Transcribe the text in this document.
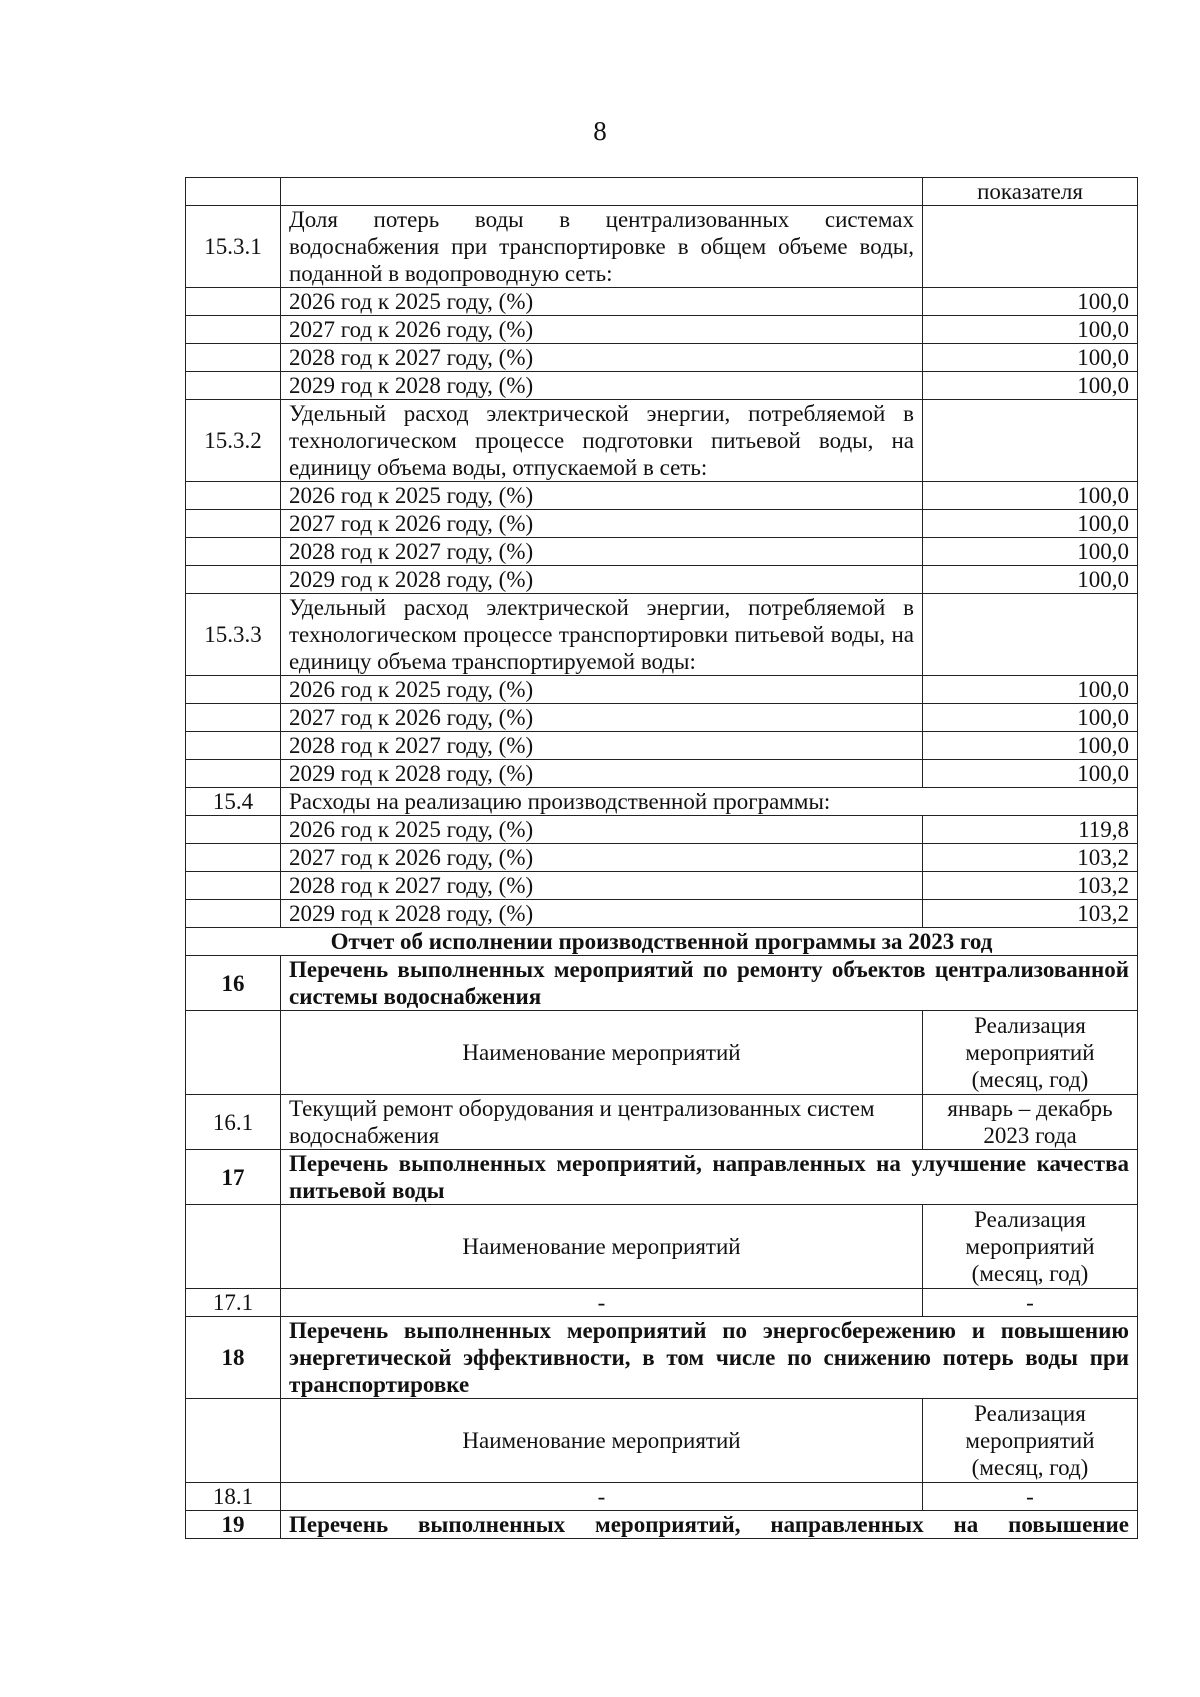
8
		показателя
15.3.1	Доля потерь воды в централизованных системах водоснабжения при транспортировке в общем объеме воды, поданной в водопроводную сеть:	
	2026 год к 2025 году, (%)	100,0
	2027 год к 2026 году, (%)	100,0
	2028 год к 2027 году, (%)	100,0
	2029 год к 2028 году, (%)	100,0
15.3.2	Удельный расход электрической энергии, потребляемой в технологическом процессе подготовки питьевой воды, на единицу объема воды, отпускаемой в сеть:	
	2026 год к 2025 году, (%)	100,0
	2027 год к 2026 году, (%)	100,0
	2028 год к 2027 году, (%)	100,0
	2029 год к 2028 году, (%)	100,0
15.3.3	Удельный расход электрической энергии, потребляемой в технологическом процессе транспортировки питьевой воды, на единицу объема транспортируемой воды:	
	2026 год к 2025 году, (%)	100,0
	2027 год к 2026 году, (%)	100,0
	2028 год к 2027 году, (%)	100,0
	2029 год к 2028 году, (%)	100,0
15.4	Расходы на реализацию производственной программы:	
	2026 год к 2025 году, (%)	119,8
	2027 год к 2026 году, (%)	103,2
	2028 год к 2027 году, (%)	103,2
	2029 год к 2028 году, (%)	103,2
Отчет об исполнении производственной программы за 2023 год		
16	Перечень выполненных мероприятий по ремонту объектов централизованной системы водоснабжения	
	Наименование мероприятий	Реализация мероприятий (месяц, год)
16.1	Текущий ремонт оборудования и централизованных систем водоснабжения	январь – декабрь 2023 года
17	Перечень выполненных мероприятий, направленных на улучшение качества питьевой воды	
	Наименование мероприятий	Реализация мероприятий (месяц, год)
17.1	-	-
18	Перечень выполненных мероприятий по энергосбережению и повышению энергетической эффективности, в том числе по снижению потерь воды при транспортировке	
	Наименование мероприятий	Реализация мероприятий (месяц, год)
18.1	-	-
19	Перечень выполненных мероприятий, направленных на повышение	
